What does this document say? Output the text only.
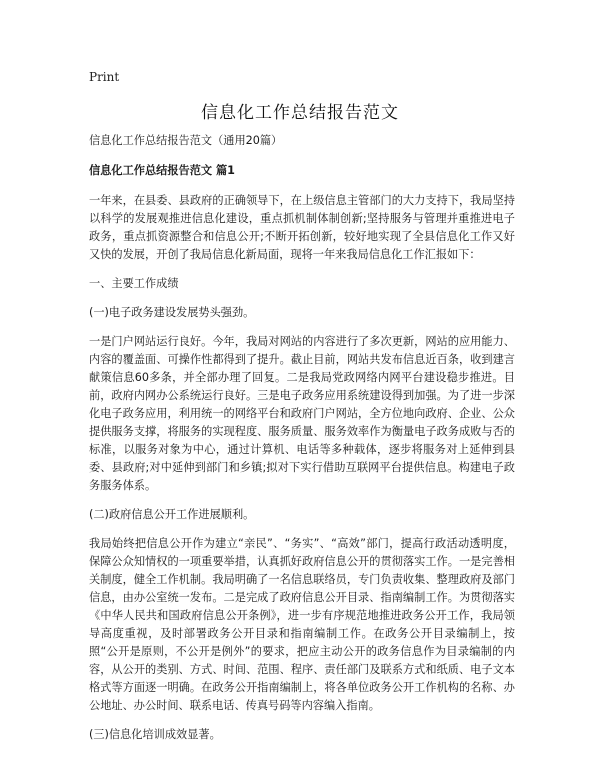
Print
信息化工作总结报告范文

信息化工作总结报告范文（通用20篇）

信息化工作总结报告范文 篇1

一年来，在县委、县政府的正确领导下，在上级信息主管部门的大力支持下，我局坚持以科学的发展观推进信息化建设，重点抓机制体制创新;坚持服务与管理并重推进电子政务，重点抓资源整合和信息公开;不断开拓创新，较好地实现了全县信息化工作又好又快的发展，开创了我局信息化新局面，现将一年来我局信息化工作汇报如下：

一、主要工作成绩

(一)电子政务建设发展势头强劲。

一是门户网站运行良好。今年，我局对网站的内容进行了多次更新，网站的应用能力、内容的覆盖面、可操作性都得到了提升。截止目前，网站共发布信息近百条，收到建言献策信息60多条，并全部办理了回复。二是我局党政网络内网平台建设稳步推进。目前，政府内网办公系统运行良好。三是电子政务应用系统建设得到加强。为了进一步深化电子政务应用，利用统一的网络平台和政府门户网站，全方位地向政府、企业、公众提供服务支撑，将服务的实现程度、服务质量、服务效率作为衡量电子政务成败与否的标准，以服务对象为中心，通过计算机、电话等多种载体，逐步将服务对上延伸到县委、县政府;对中延伸到部门和乡镇;拟对下实行借助互联网平台提供信息。构建电子政务服务体系。

(二)政府信息公开工作进展顺利。

我局始终把信息公开作为建立“亲民”、“务实”、“高效”部门，提高行政活动透明度，保障公众知情权的一项重要举措，认真抓好政府信息公开的贯彻落实工作。一是完善相关制度，健全工作机制。我局明确了一名信息联络员，专门负责收集、整理政府及部门信息，由办公室统一发布。二是完成了政府信息公开目录、指南编制工作。为贯彻落实《中华人民共和国政府信息公开条例》，进一步有序规范地推进政务公开工作，我局领导高度重视，及时部署政务公开目录和指南编制工作。在政务公开目录编制上，按照“公开是原则，不公开是例外”的要求，把应主动公开的政务信息作为目录编制的内容，从公开的类别、方式、时间、范围、程序、责任部门及联系方式和纸质、电子文本格式等方面逐一明确。在政务公开指南编制上，将各单位政务公开工作机构的名称、办公地址、办公时间、联系电话、传真号码等内容编入指南。

(三)信息化培训成效显著。
